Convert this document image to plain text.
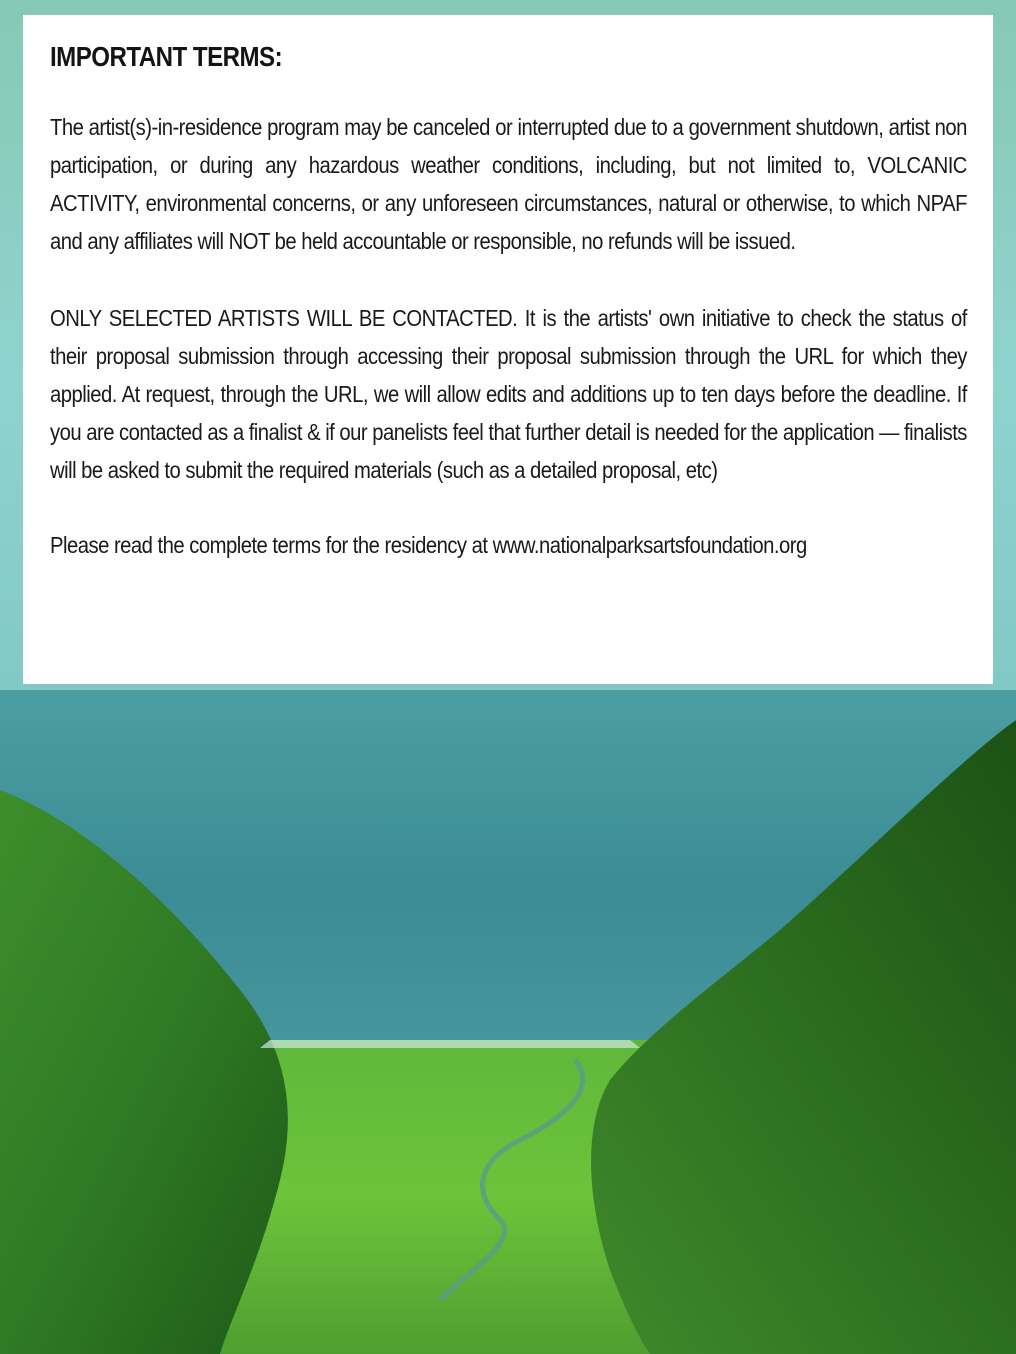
IMPORTANT TERMS:

The artist(s)-in-residence program may be canceled or interrupted due to a government shutdown, artist non participation, or during any hazardous weather conditions, including, but not limited to, VOLCANIC ACTIVITY, environmental concerns, or any unforeseen circumstances, natural or otherwise, to which NPAF and any affiliates will NOT be held accountable or responsible, no refunds will be issued.

ONLY SELECTED ARTISTS WILL BE CONTACTED. It is the artists' own initiative to check the status of their proposal submission through accessing their proposal submission through the URL for which they applied. At request, through the URL, we will allow edits and additions up to ten days before the deadline. If you are contacted as a finalist & if our panelists feel that further detail is needed for the application — finalists will be asked to submit the required materials (such as a detailed proposal, etc)

Please read the complete terms for the residency at www.nationalparksartsfoundation.org
